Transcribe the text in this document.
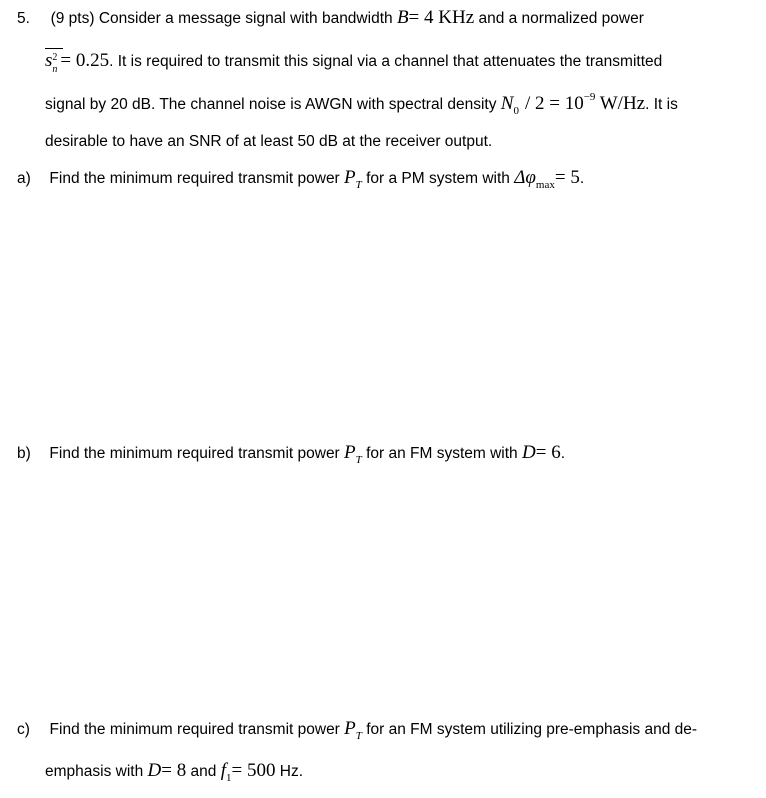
5. (9 pts) Consider a message signal with bandwidth B= 4 KHz and a normalized power
s 2
n = 0.25. It is required to transmit this signal via a channel that attenuates the transmitted
signal by 20 dB. The channel noise is AWGN with spectral density $N_0 / 2 = 10^{-9}$ W/Hz. It is
desirable to have an SNR of at least 50 dB at the receiver output.
a) Find the minimum required transmit power $P_T$ for a PM system with $\Delta\varphi_{max}= 5$.
b) Find the minimum required transmit power $P_T$ for an FM system with D= 6.
c) Find the minimum required transmit power $P_T$ for an FM system utilizing pre-emphasis and de-
emphasis with D= 8 and $f_1= 500$ Hz.
